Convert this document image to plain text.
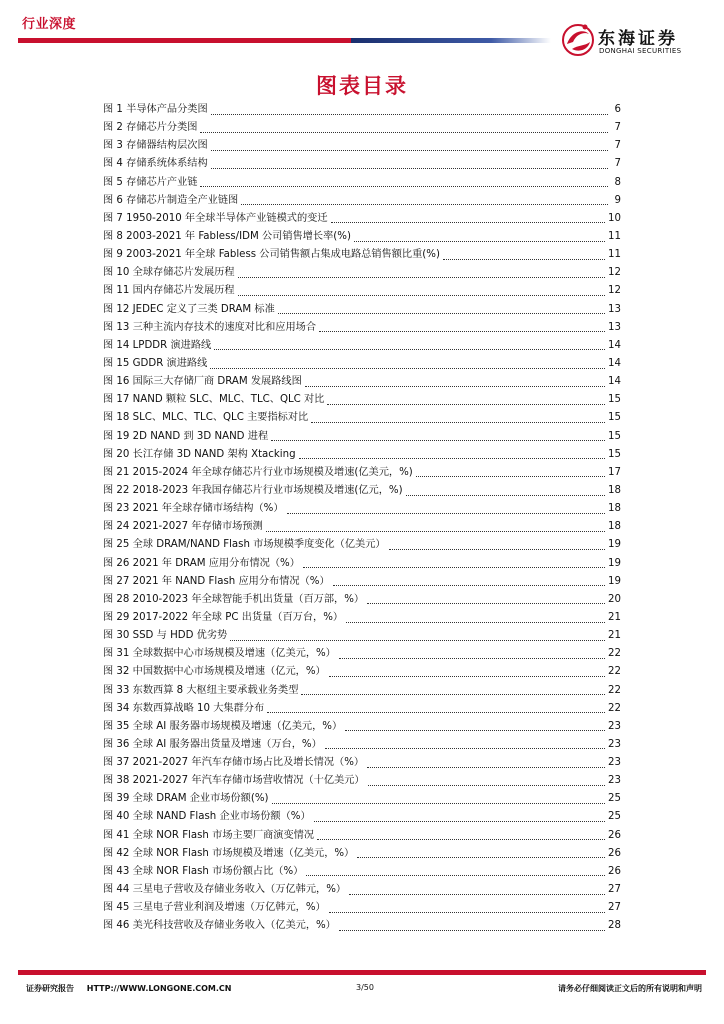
行业深度
东海证券
DONGHAI SECURITIES
图表目录
图 1 半导体产品分类图	6
图 2 存储芯片分类图	7
图 3 存储器结构层次图	7
图 4 存储系统体系结构	7
图 5 存储芯片产业链	8
图 6 存储芯片制造全产业链图	9
图 7 1950-2010 年全球半导体产业链模式的变迁	10
图 8 2003-2021 年 Fabless/IDM 公司销售增长率(%)	11
图 9 2003-2021 年全球 Fabless 公司销售额占集成电路总销售额比重(%)	11
图 10 全球存储芯片发展历程	12
图 11 国内存储芯片发展历程	12
图 12 JEDEC 定义了三类 DRAM 标准	13
图 13 三种主流内存技术的速度对比和应用场合	13
图 14 LPDDR 演进路线	14
图 15 GDDR 演进路线	14
图 16 国际三大存储厂商 DRAM 发展路线图	14
图 17 NAND 颗粒 SLC、MLC、TLC、QLC 对比	15
图 18 SLC、MLC、TLC、QLC 主要指标对比	15
图 19 2D NAND 到 3D NAND 进程	15
图 20 长江存储 3D NAND 架构 Xtacking	15
图 21 2015-2024 年全球存储芯片行业市场规模及增速(亿美元，%)	17
图 22 2018-2023 年我国存储芯片行业市场规模及增速(亿元，%)	18
图 23 2021 年全球存储市场结构（%）	18
图 24 2021-2027 年存储市场预测	18
图 25 全球 DRAM/NAND Flash 市场规模季度变化（亿美元）	19
图 26 2021 年 DRAM 应用分布情况（%）	19
图 27 2021 年 NAND Flash 应用分布情况（%）	19
图 28 2010-2023 年全球智能手机出货量（百万部，%）	20
图 29 2017-2022 年全球 PC 出货量（百万台，%）	21
图 30 SSD 与 HDD 优劣势	21
图 31 全球数据中心市场规模及增速（亿美元，%）	22
图 32 中国数据中心市场规模及增速（亿元，%）	22
图 33 东数西算 8 大枢纽主要承载业务类型	22
图 34 东数西算战略 10 大集群分布	22
图 35 全球 AI 服务器市场规模及增速（亿美元，%）	23
图 36 全球 AI 服务器出货量及增速（万台，%）	23
图 37 2021-2027 年汽车存储市场占比及增长情况（%）	23
图 38 2021-2027 年汽车存储市场营收情况（十亿美元）	23
图 39 全球 DRAM 企业市场份额(%)	25
图 40 全球 NAND Flash 企业市场份额（%）	25
图 41 全球 NOR Flash 市场主要厂商演变情况	26
图 42 全球 NOR Flash 市场规模及增速（亿美元，%）	26
图 43 全球 NOR Flash 市场份额占比（%）	26
图 44 三星电子营收及存储业务收入（万亿韩元，%）	27
图 45 三星电子营业利润及增速（万亿韩元，%）	27
图 46 美光科技营收及存储业务收入（亿美元，%）	28
证券研究报告 HTTP://WWW.LONGONE.COM.CN	3/50	请务必仔细阅读正文后的所有说明和声明
